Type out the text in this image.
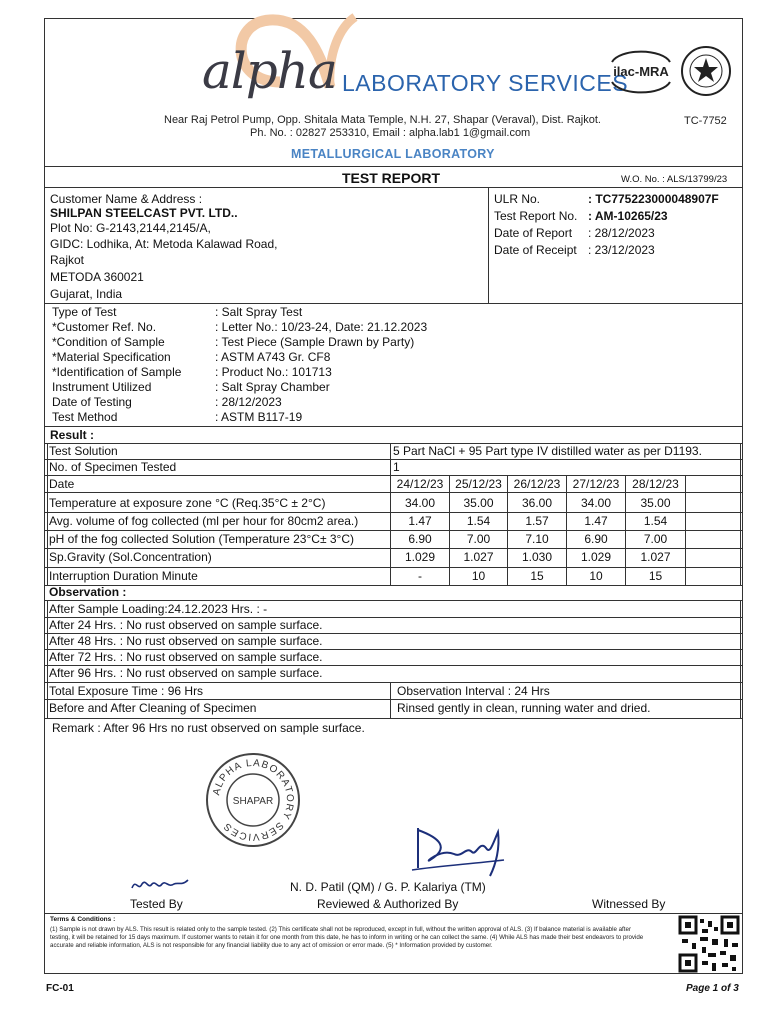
alpha LABORATORY SERVICES
ilac-MRA
TC-7752
Near Raj Petrol Pump, Opp. Shitala Mata Temple, N.H. 27, Shapar (Veraval), Dist. Rajkot.
Ph. No. : 02827 253310, Email : alpha.lab1 1@gmail.com
METALLURGICAL LABORATORY
TEST REPORT	W.O. No. : ALS/13799/23
Customer Name & Address :
SHILPAN STEELCAST PVT. LTD..
Plot No: G-2143,2144,2145/A,
GIDC: Lodhika, At: Metoda Kalawad Road,
Rajkot
METODA 360021
Gujarat, India
ULR No.	: TC775223000048907F
Test Report No. : AM-10265/23
Date of Report : 28/12/2023
Date of Receipt : 23/12/2023
Type of Test	: Salt Spray Test
*Customer Ref. No.	: Letter No.: 10/23-24, Date: 21.12.2023
*Condition of Sample	: Test Piece (Sample Drawn by Party)
*Material Specification	: ASTM A743 Gr. CF8
*Identification of Sample	: Product No.: 101713
Instrument Utilized	: Salt Spray Chamber
Date of Testing	: 28/12/2023
Test Method	: ASTM B117-19
Result :
Test Solution	5 Part NaCl + 95 Part type IV distilled water as per D1193.
No. of Specimen Tested	1
Date	24/12/23 25/12/23 26/12/23	27/12/23	28/12/23
Temperature at exposure zone °C (Req.35°C ± 2°C)	34.00	35.00	36.00	34.00	35.00
Avg. volume of fog collected (ml per hour for 80cm2 area.)	1.47	1.54	1.57	1.47	1.54
pH of the fog collected Solution (Temperature 23°C± 3°C)	6.90	7.00	7.10	6.90	7.00
Sp.Gravity (Sol.Concentration)	1.029	1.027	1.030	1.029	1.027
Interruption Duration Minute	-	10	15	10	15
Observation :
After Sample Loading:24.12.2023 Hrs. : -
After 24 Hrs. : No rust observed on sample surface.
After 48 Hrs. : No rust observed on sample surface.
After 72 Hrs. : No rust observed on sample surface.
After 96 Hrs. : No rust observed on sample surface.
Total Exposure Time : 96 Hrs	Observation Interval : 24 Hrs
Before and After Cleaning of Specimen	Rinsed gently in clean, running water and dried.
Remark : After 96 Hrs no rust observed on sample surface.
ALPHA LABORATORY SERVICES
SHAPAR
N. D. Patil (QM) / G. P. Kalariya (TM)
Tested By	Reviewed & Authorized By	Witnessed By
Terms & Conditions :
(1) Sample is not drawn by ALS. This result is related only to the sample tested. (2) This certificate shall not be reproduced, except in full, without the written approval of ALS. (3) If balance material is available after testing, it will be retained for 15 days maximum. If customer wants to retain it for one month from this date, he has to inform in writing or he can collect the same. (4) While ALS has made their best endeavors to provide accurate and reliable information, ALS is not responsible for any financial liability due to any act of omission or error made. (5) * Information provided by customer.
FC-01	Page 1 of 3
